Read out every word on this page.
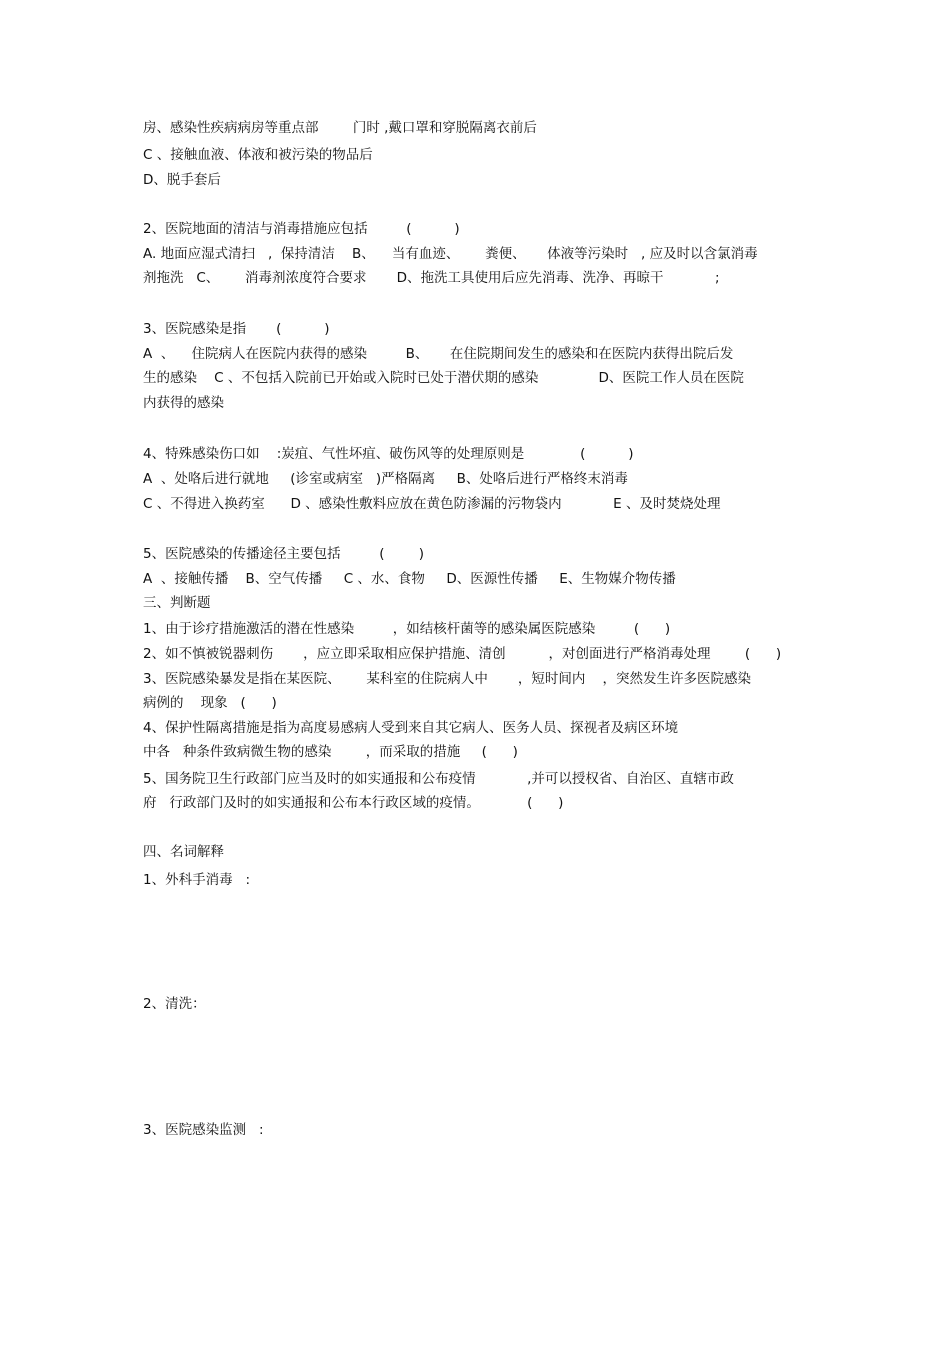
房、感染性疾病病房等重点部        门时 ,戴口罩和穿脱隔离衣前后

C 、接触血液、体液和被污染的物品后

D、脱手套后

2、医院地面的清洁与消毒措施应包括         (          )

A. 地面应湿式清扫   ,  保持清洁    B、    当有血迹、      粪便、     体液等污染时   , 应及时以含氯消毒

剂拖洗   C、      消毒剂浓度符合要求       D、拖洗工具使用后应先消毒、洗净、再晾干            ;

3、医院感染是指       (          )

A  、    住院病人在医院内获得的感染         B、     在住院期间发生的感染和在医院内获得出院后发

生的感染    C 、不包括入院前已开始或入院时已处于潜伏期的感染              D、医院工作人员在医院

内获得的感染

4、特殊感染伤口如    :炭疽、气性坏疽、破伤风等的处理原则是             (          )

A  、处咯后进行就地     (诊室或病室   )严格隔离     B、处咯后进行严格终末消毒

C 、不得进入换药室      D 、感染性敷料应放在黄色防渗漏的污物袋内            E 、及时焚烧处理

5、医院感染的传播途径主要包括         (        )

A  、接触传播    B、空气传播     C 、水、食物     D、医源性传播     E、生物媒介物传播

三、判断题

1、由于诊疗措施激活的潜在性感染         ，如结核杆菌等的感染属医院感染         (      )

2、如不慎被锐器刺伤       ，应立即采取相应保护措施、清创          ，对创面进行严格消毒处理        (      )

3、医院感染暴发是指在某医院、      某科室的住院病人中       ，短时间内    ，突然发生许多医院感染

病例的    现象   (      )

4、保护性隔离措施是指为高度易感病人受到来自其它病人、医务人员、探视者及病区环境

中各   种条件致病微生物的感染        ，而采取的措施     (      )

5、国务院卫生行政部门应当及时的如实通报和公布疫情            ,并可以授权省、自治区、直辖市政

府   行政部门及时的如实通报和公布本行政区域的疫情。           (      )

四、名词解释

1、外科手消毒   :

2、清洗：

3、医院感染监测   :
